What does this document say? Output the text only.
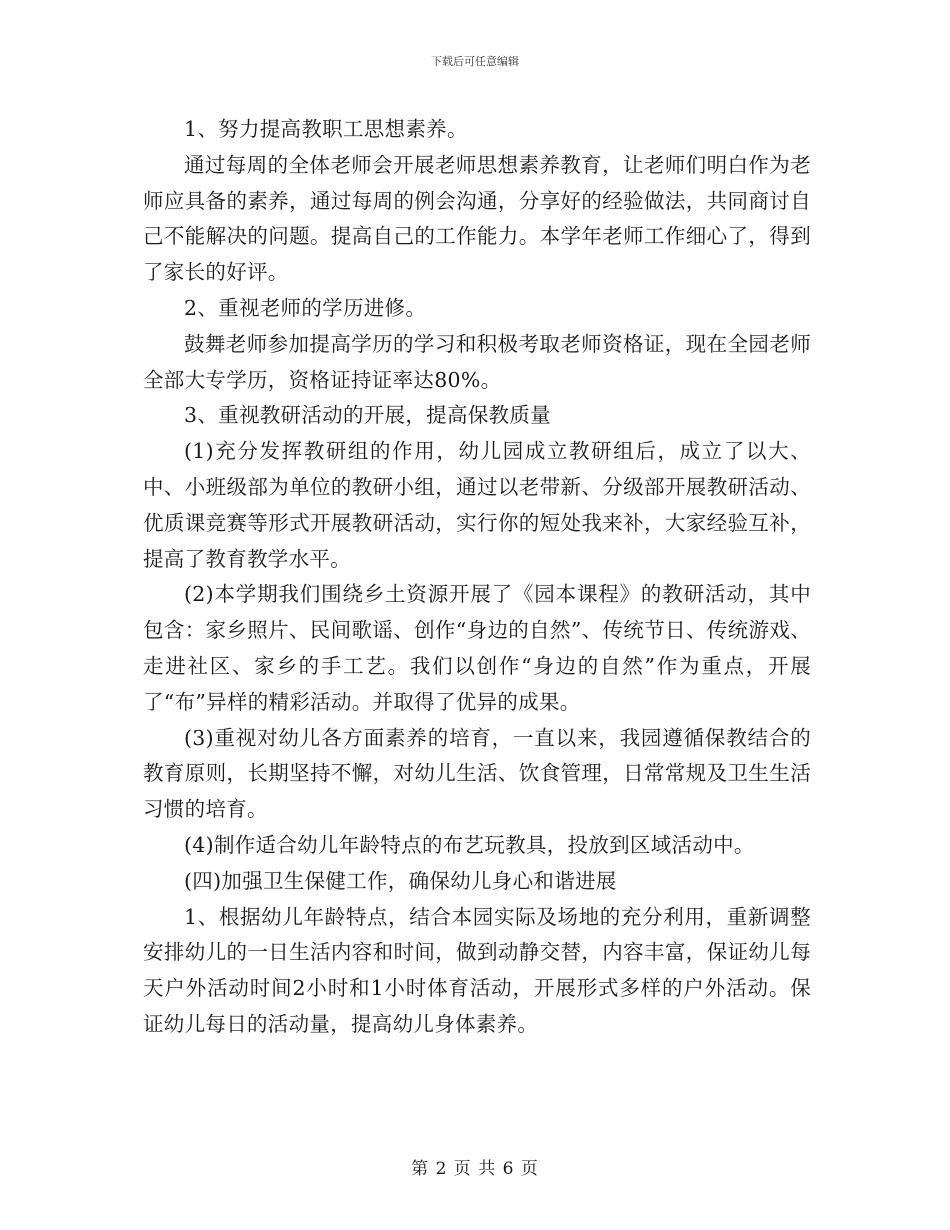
下载后可任意编辑

1、努力提高教职工思想素养。

通过每周的全体老师会开展老师思想素养教育，让老师们明白作为老师应具备的素养，通过每周的例会沟通，分享好的经验做法，共同商讨自己不能解决的问题。提高自己的工作能力。本学年老师工作细心了，得到了家长的好评。

2、重视老师的学历进修。

鼓舞老师参加提高学历的学习和积极考取老师资格证，现在全园老师全部大专学历，资格证持证率达80%。

3、重视教研活动的开展，提高保教质量

(1)充分发挥教研组的作用，幼儿园成立教研组后，成立了以大、中、小班级部为单位的教研小组，通过以老带新、分级部开展教研活动、优质课竞赛等形式开展教研活动，实行你的短处我来补，大家经验互补，提高了教育教学水平。

(2)本学期我们围绕乡土资源开展了《园本课程》的教研活动，其中包含：家乡照片、民间歌谣、创作“身边的自然”、传统节日、传统游戏、走进社区、家乡的手工艺。我们以创作“身边的自然”作为重点，开展了“布”异样的精彩活动。并取得了优异的成果。

(3)重视对幼儿各方面素养的培育，一直以来，我园遵循保教结合的教育原则，长期坚持不懈，对幼儿生活、饮食管理，日常常规及卫生生活习惯的培育。

(4)制作适合幼儿年龄特点的布艺玩教具，投放到区域活动中。

(四)加强卫生保健工作，确保幼儿身心和谐进展

1、根据幼儿年龄特点，结合本园实际及场地的充分利用，重新调整安排幼儿的一日生活内容和时间，做到动静交替，内容丰富，保证幼儿每天户外活动时间2小时和1小时体育活动，开展形式多样的户外活动。保证幼儿每日的活动量，提高幼儿身体素养。

第 2 页 共 6 页
